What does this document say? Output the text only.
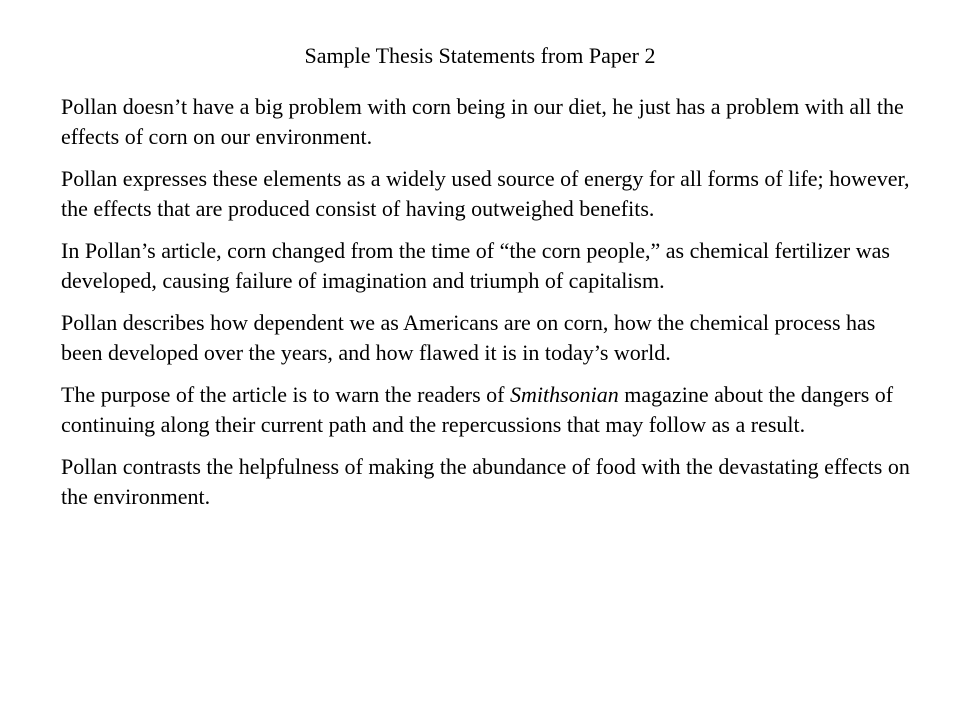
Sample Thesis Statements from Paper 2

Pollan doesn’t have a big problem with corn being in our diet, he just has a problem with all the effects of corn on our environment.

Pollan expresses these elements as a widely used source of energy for all forms of life; however, the effects that are produced consist of having outweighed benefits.

In Pollan’s article, corn changed from the time of “the corn people,” as chemical fertilizer was developed, causing failure of imagination and triumph of capitalism.

Pollan describes how dependent we as Americans are on corn, how the chemical process has been developed over the years, and how flawed it is in today’s world.

The purpose of the article is to warn the readers of Smithsonian magazine about the dangers of continuing along their current path and the repercussions that may follow as a result.

Pollan contrasts the helpfulness of making the abundance of food with the devastating effects on the environment.
